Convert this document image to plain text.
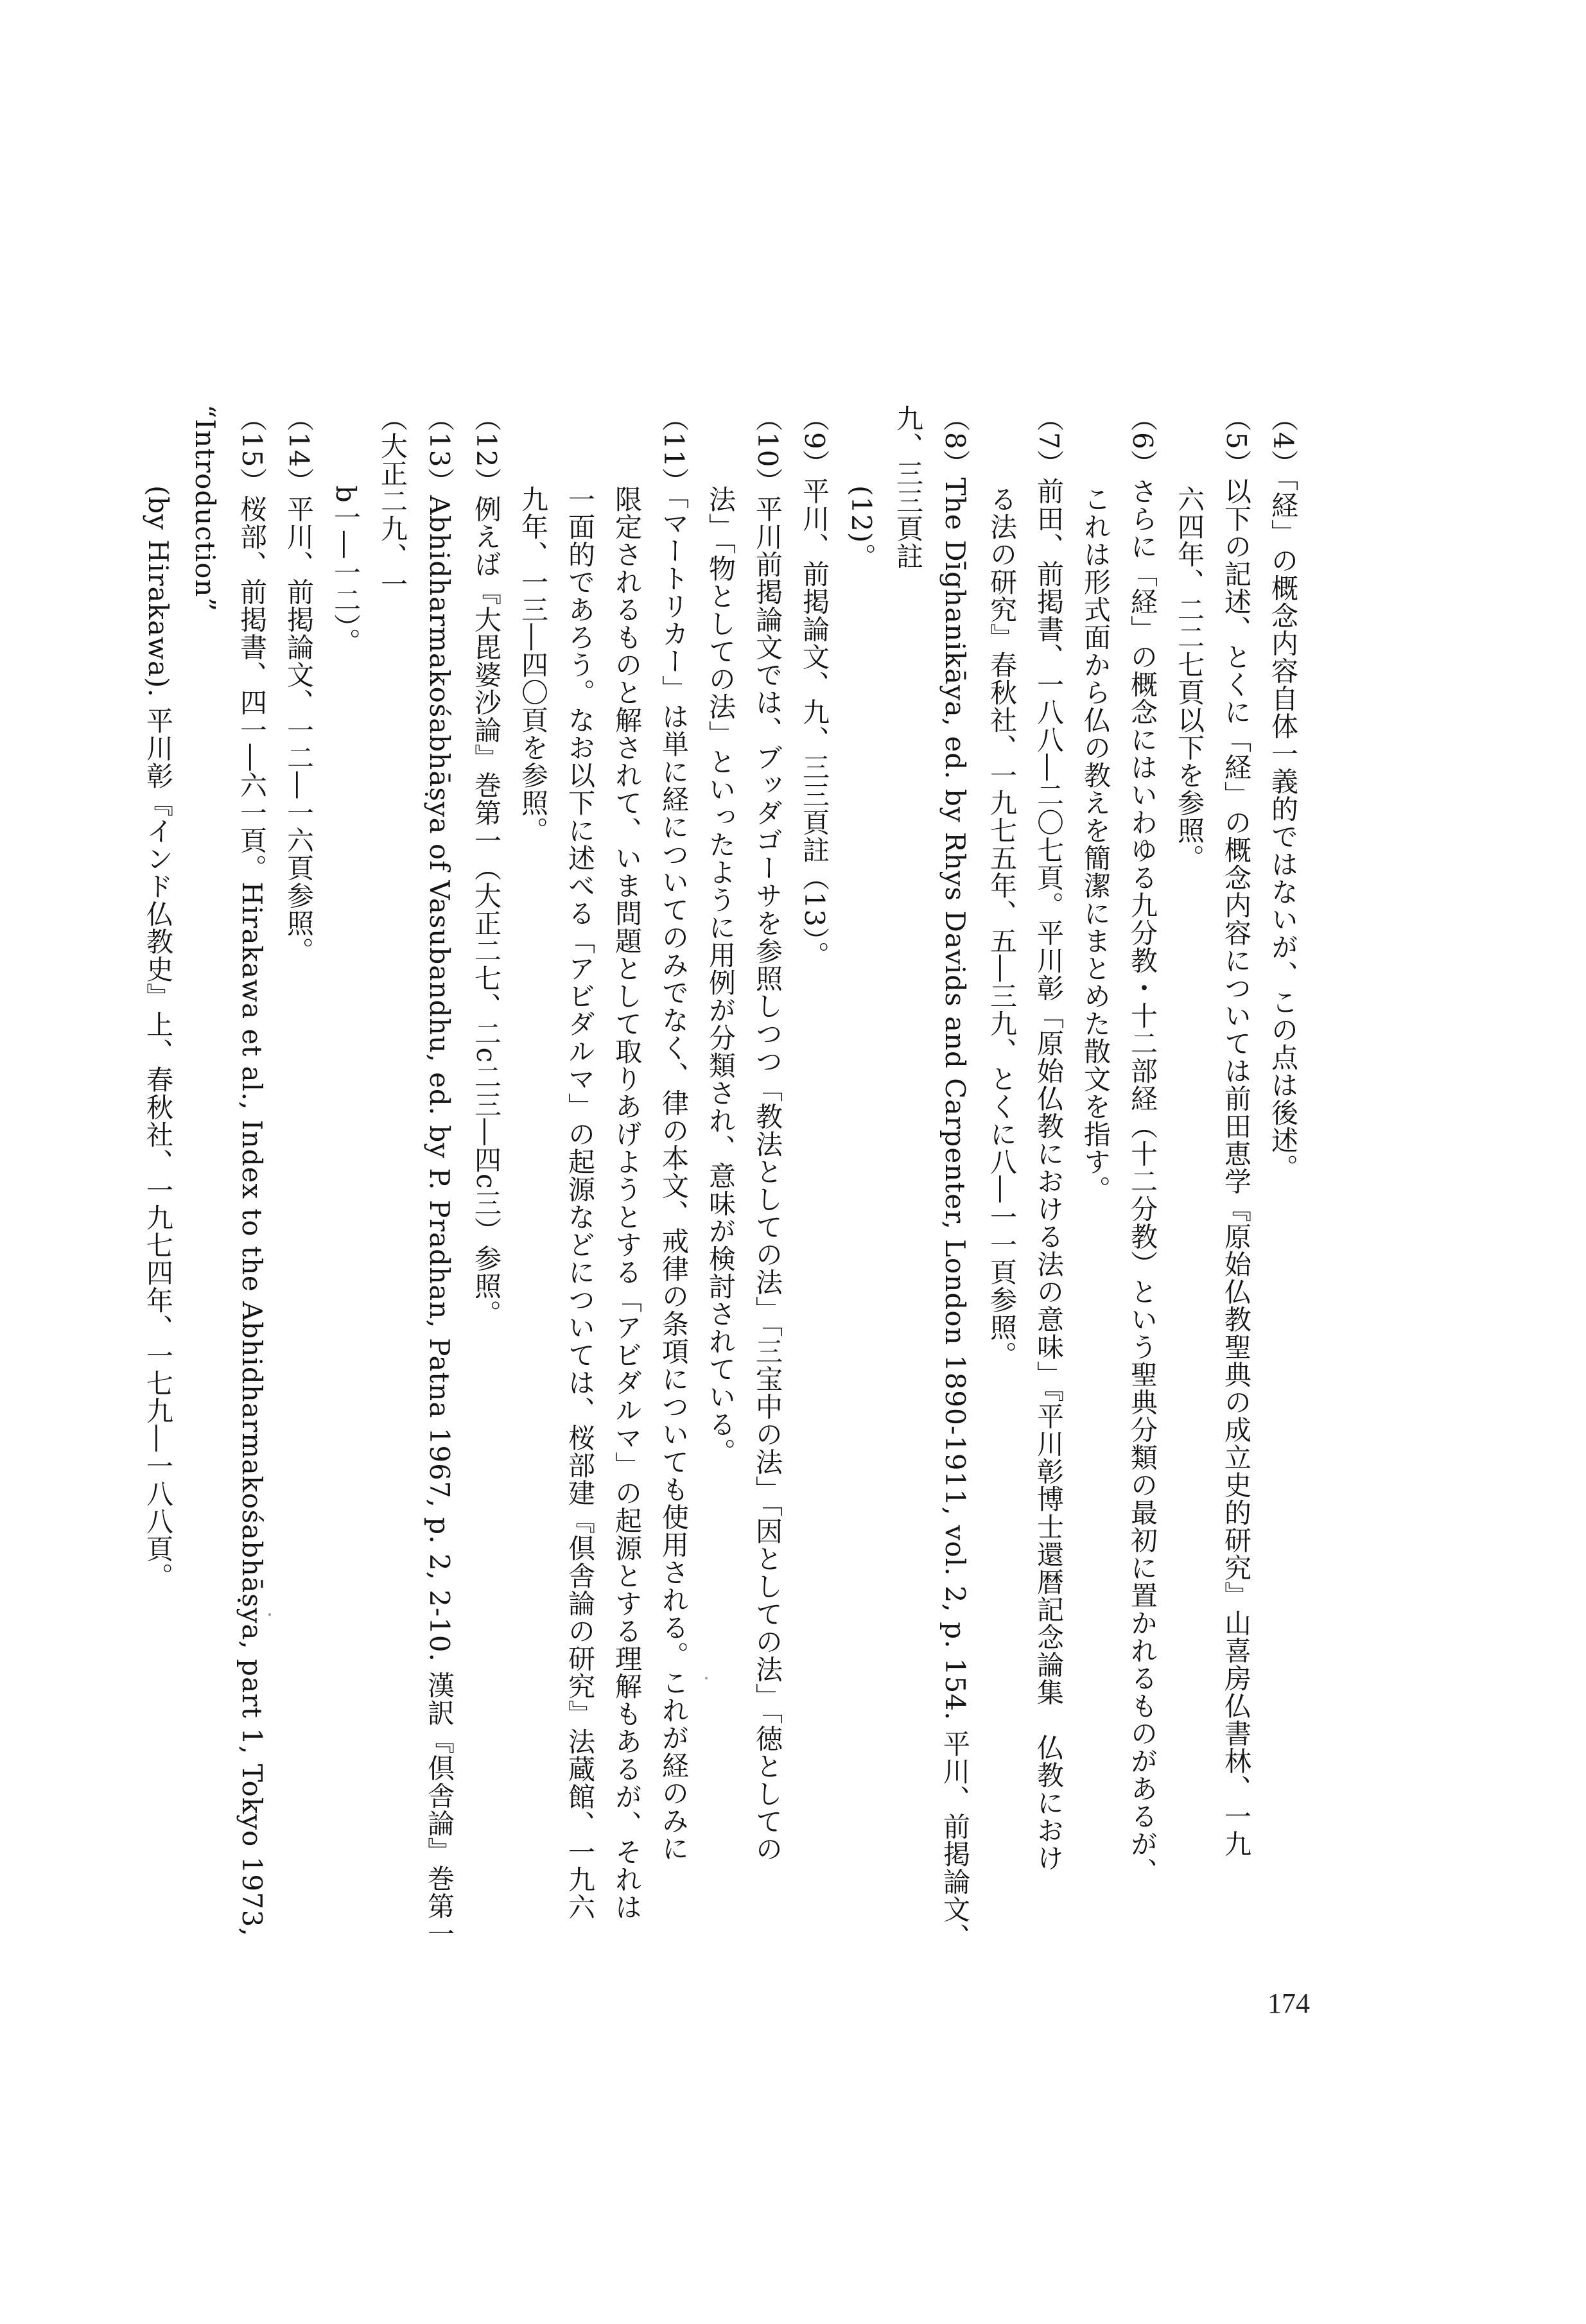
（4）「経」の概念内容自体一義的ではないが、この点は後述。
（5）以下の記述、とくに「経」の概念内容については前田恵学『原始仏教聖典の成立史的研究』山喜房仏書林、一九
六四年、二二七頁以下を参照。
（6）さらに「経」の概念にはいわゆる九分教・十二部経（十二分教）という聖典分類の最初に置かれるものがあるが、
これは形式面から仏の教えを簡潔にまとめた散文を指す。
（7）前田、前掲書、一八八―二〇七頁。平川彰「原始仏教における法の意味」『平川彰博士還暦記念論集　仏教におけ
る法の研究』春秋社、一九七五年、五―三九、とくに八―一一頁参照。
（8）The Dīghanikāya, ed. by Rhys Davids and Carpenter, London 1890-1911, vol. 2, p. 154. 平川、前掲論文、九、三三頁註
(12)。
（9）平川、前掲論文、九、三三頁註（13）。
（10）平川前掲論文では、ブッダゴーサを参照しつつ「教法としての法」「三宝中の法」「因としての法」「徳としての
法」「物としての法」といったように用例が分類され、意味が検討されている。
（11）「マートリカー」は単に経についてのみでなく、律の本文、戒律の条項についても使用される。これが経のみに
限定されるものと解されて、いま問題として取りあげようとする「アビダルマ」の起源とする理解もあるが、それは
一面的であろう。なお以下に述べる「アビダルマ」の起源などについては、桜部建『倶舎論の研究』法蔵館、一九六
九年、一三―四〇頁を参照。
（12）例えば『大毘婆沙論』巻第一（大正二七、二c二三―四c三）参照。
（13）Abhidharmakośabhāṣya of Vasubandhu, ed. by P. Pradhan, Patna 1967, p. 2, 2-10. 漢訳『倶舎論』巻第一（大正二九、一
b一―一二）。
（14）平川、前掲論文、一二―一六頁参照。
（15）桜部、前掲書、四一―六一頁。Hirakawa et al., Index to the Abhidharmakośabhāṣya, part 1, Tokyo 1973, “Introduction”
(by Hirakawa). 平川彰『インド仏教史』上、春秋社、一九七四年、一七九―一八八頁。
174
